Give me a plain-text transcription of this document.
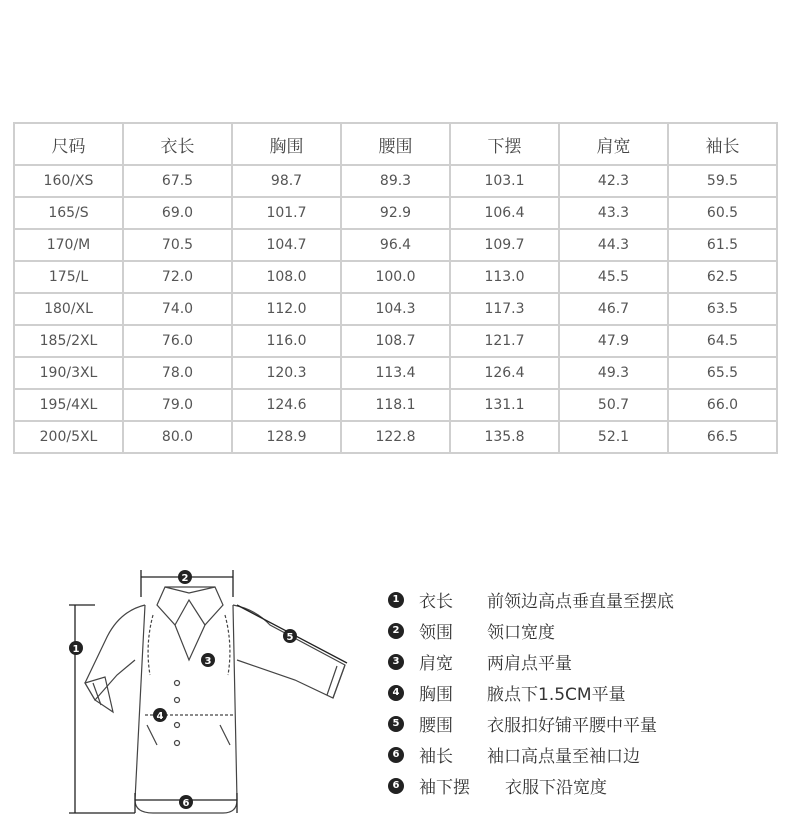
尺码	衣长	胸围	腰围	下摆	肩宽	袖长
160/XS	67.5	98.7	89.3	103.1	42.3	59.5
165/S	69.0	101.7	92.9	106.4	43.3	60.5
170/M	70.5	104.7	96.4	109.7	44.3	61.5
175/L	72.0	108.0	100.0	113.0	45.5	62.5
180/XL	74.0	112.0	104.3	117.3	46.7	63.5
185/2XL	76.0	116.0	108.7	121.7	47.9	64.5
190/3XL	78.0	120.3	113.4	126.4	49.3	65.5
195/4XL	79.0	124.6	118.1	131.1	50.7	66.0
200/5XL	80.0	128.9	122.8	135.8	52.1	66.5
1
2
3
4
5
6
1 衣长	前领边高点垂直量至摆底
2 领围	领口宽度
3 肩宽	两肩点平量
4 胸围	腋点下1.5CM平量
5 腰围	衣服扣好铺平腰中平量
6 袖长	袖口高点量至袖口边
6 袖下摆	衣服下沿宽度
